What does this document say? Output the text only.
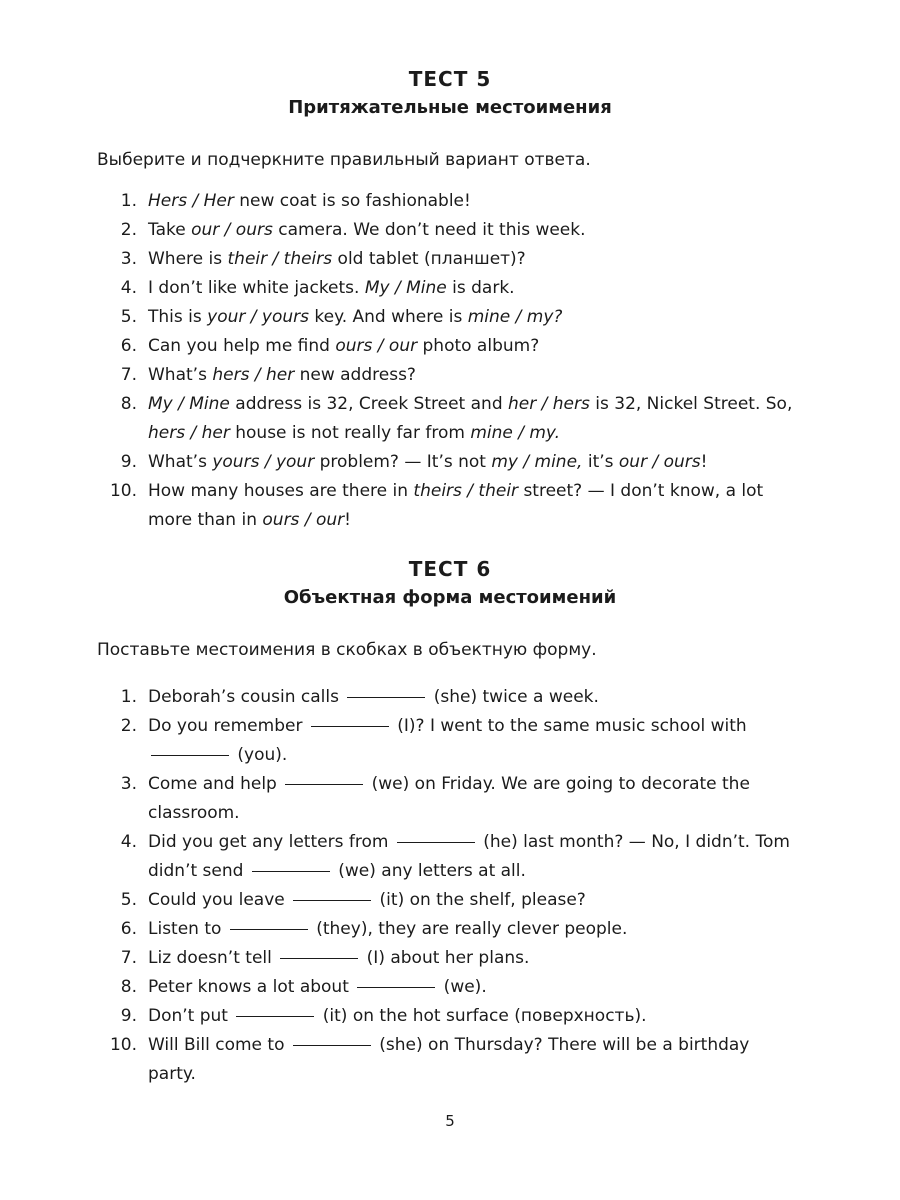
ТЕСТ 5
Притяжательные местоимения
Выберите и подчеркните правильный вариант ответа.
1. Hers / Her new coat is so fashionable!
2. Take our / ours camera. We don’t need it this week.
3. Where is their / theirs old tablet (планшет)?
4. I don’t like white jackets. My / Mine is dark.
5. This is your / yours key. And where is mine / my?
6. Can you help me find ours / our photo album?
7. What’s hers / her new address?
8. My / Mine address is 32, Creek Street and her / hers is 32, Nickel Street. So, hers / her house is not really far from mine / my.
9. What’s yours / your problem? — It’s not my / mine, it’s our / ours!
10. How many houses are there in theirs / their street? — I don’t know, a lot more than in ours / our!
ТЕСТ 6
Объектная форма местоимений
Поставьте местоимения в скобках в объектную форму.
1. Deborah’s cousin calls	(she) twice a week.
2. Do you remember	(I)? I went to the same music school with  (you).
3. Come and help	(we) on Friday. We are going to decorate the classroom.
4. Did you get any letters from	(he) last month? — No, I didn’t. Tom didn’t send	(we) any letters at all.
5. Could you leave	(it) on the shelf, please?
6. Listen to	(they), they are really clever people.
7. Liz doesn’t tell	(I) about her plans.
8. Peter knows a lot about	(we).
9. Don’t put	(it) on the hot surface (поверхность).
10. Will Bill come to	(she) on Thursday? There will be a birthday party.
5
